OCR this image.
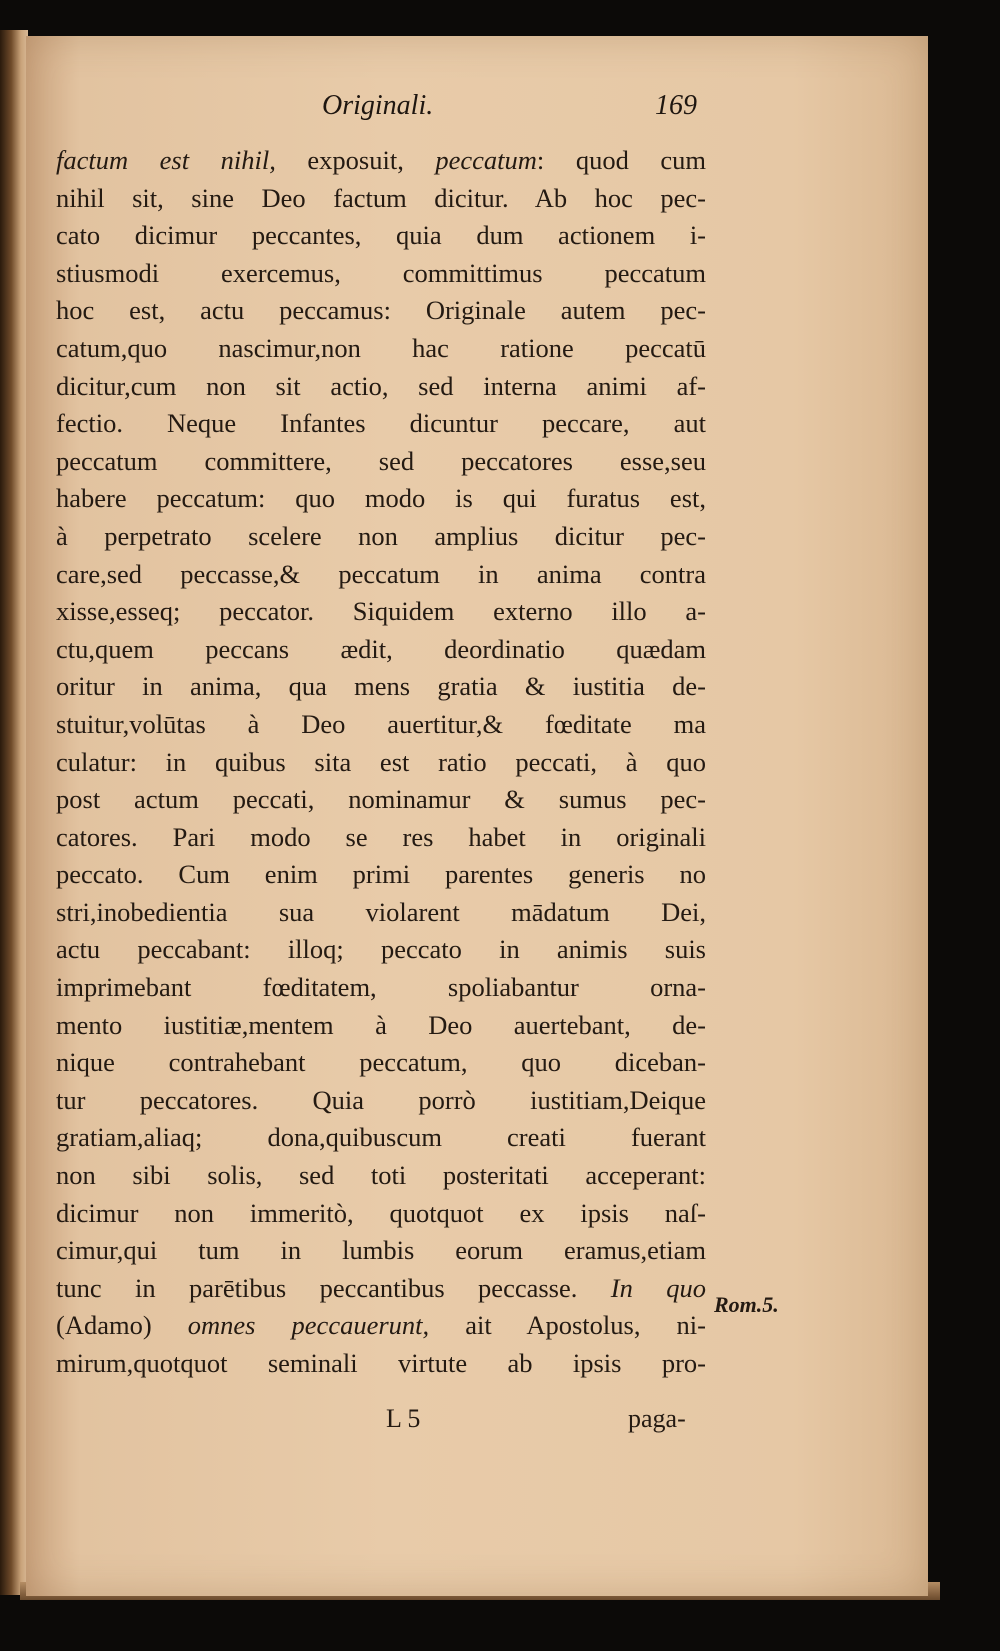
Originali.	169
factum est nihil, exposuit, peccatum: quod cum
nihil sit, sine Deo factum dicitur. Ab hoc pec-
cato dicimur peccantes, quia dum actionem i-
stiusmodi exercemus, committimus peccatum
hoc est, actu peccamus: Originale autem pec-
catum,quo nascimur,non hac ratione peccatū
dicitur,cum non sit actio, sed interna animi af-
fectio. Neque Infantes dicuntur peccare, aut
peccatum committere, sed peccatores esse,seu
habere peccatum: quo modo is qui furatus est,
à perpetrato scelere non amplius dicitur pec-
care,sed peccasse,& peccatum in anima contra
xisse,esseq; peccator. Siquidem externo illo a-
ctu,quem peccans ædit, deordinatio quædam
oritur in anima, qua mens gratia & iustitia de-
stuitur,volūtas à Deo auertitur,& fœditate ma
culatur: in quibus sita est ratio peccati, à quo
post actum peccati, nominamur & sumus pec-
catores. Pari modo se res habet in originali
peccato. Cum enim primi parentes generis no
stri,inobedientia sua violarent mādatum Dei,
actu peccabant: illoq; peccato in animis suis
imprimebant fœditatem, spoliabantur orna-
mento iustitiæ,mentem à Deo auertebant, de-
nique contrahebant peccatum, quo diceban-
tur peccatores. Quia porrò iustitiam,Deique
gratiam,aliaq; dona,quibuscum creati fuerant
non sibi solis, sed toti posteritati acceperant:
dicimur non immeritò, quotquot ex ipsis naſ-
cimur,qui tum in lumbis eorum eramus,etiam
tunc in parētibus peccantibus peccasse. In quo
(Adamo) omnes peccauerunt, ait Apostolus, ni-
mirum,quotquot seminali virtute ab ipsis pro-
Rom.5.
L 5	paga-
